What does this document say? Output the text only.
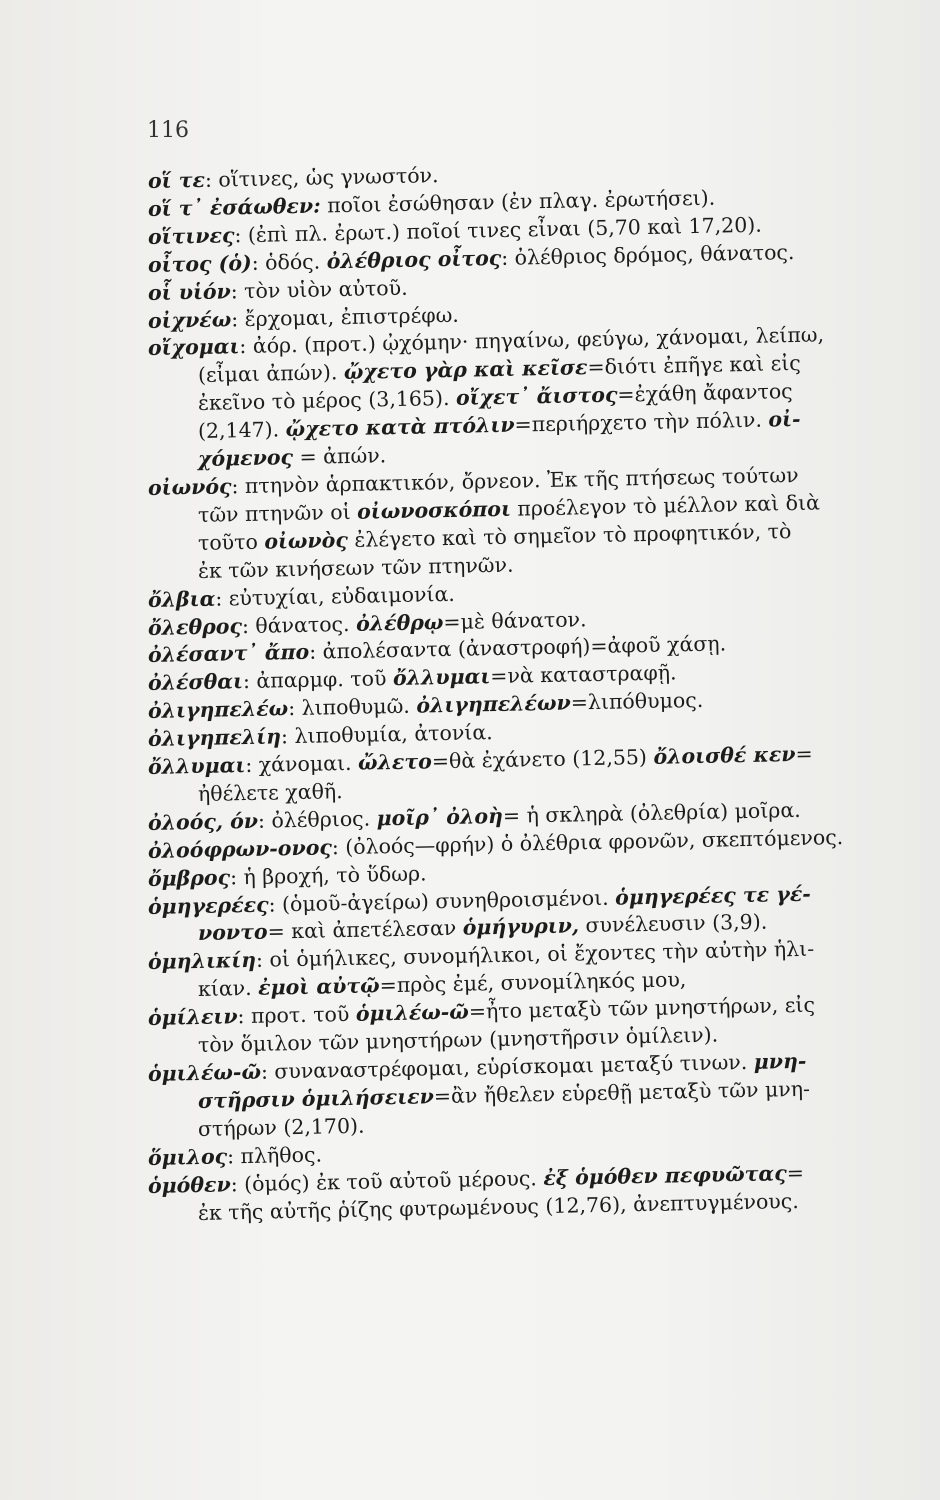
116
οἵ τε: οἵτινες, ὡς γνωστόν.
οἵ τ᾽ ἐσάωθεν: ποῖοι ἐσώθησαν (ἐν πλαγ. ἐρωτήσει).
οἵτινες: (ἐπὶ πλ. ἐρωτ.) ποῖοί τινες εἶναι (5,70 καὶ 17,20).
οἶτος (ὁ): ὁδός. ὀλέθριος οἶτος: ὀλέθριος δρόμος, θάνατος.
οἷ υἱόν: τὸν υἱὸν αὐτοῦ.
οἰχνέω: ἔρχομαι, ἐπιστρέφω.
οἴχομαι: ἀόρ. (προτ.) ᾠχόμην· πηγαίνω, φεύγω, χάνομαι, λείπω,
(εἶμαι ἀπών). ᾤχετο γὰρ καὶ κεῖσε=διότι ἐπῆγε καὶ εἰς
ἐκεῖνο τὸ μέρος (3,165). οἴχετ᾽ ἄιστος=ἐχάθη ἄφαντος
(2,147). ᾤχετο κατὰ πτόλιν=περιήρχετο τὴν πόλιν. οἰ-
χόμενος = ἀπών.
οἰωνός: πτηνὸν ἁρπακτικόν, ὄρνεον. Ἐκ τῆς πτήσεως τούτων
τῶν πτηνῶν οἱ οἰωνοσκόποι προέλεγον τὸ μέλλον καὶ διὰ
τοῦτο οἰωνὸς ἐλέγετο καὶ τὸ σημεῖον τὸ προφητικόν, τὸ
ἐκ τῶν κινήσεων τῶν πτηνῶν.
ὄλβια: εὐτυχίαι, εὐδαιμονία.
ὄλεθρος: θάνατος. ὀλέθρῳ=μὲ θάνατον.
ὀλέσαντ᾽ ἄπο: ἀπολέσαντα (ἀναστροφή)=ἀφοῦ χάσῃ.
ὀλέσθαι: ἀπαρμφ. τοῦ ὄλλυμαι=νὰ καταστραφῇ.
ὀλιγηπελέω: λιποθυμῶ. ὀλιγηπελέων=λιπόθυμος.
ὀλιγηπελίη: λιποθυμία, ἀτονία.
ὄλλυμαι: χάνομαι. ὤλετο=θὰ ἐχάνετο (12,55) ὄλοισθέ κεν=
ἠθέλετε χαθῆ.
ὀλοός, όν: ὀλέθριος. μοῖρ᾽ ὀλοὴ= ἡ σκληρὰ (ὀλεθρία) μοῖρα.
ὀλοόφρων-ονος: (ὀλοός—φρήν) ὁ ὀλέθρια φρονῶν, σκεπτόμενος.
ὄμβρος: ἡ βροχή, τὸ ὕδωρ.
ὁμηγερέες: (ὁμοῦ-ἀγείρω) συνηθροισμένοι. ὁμηγερέες τε γέ-
νοντο= καὶ ἀπετέλεσαν ὁμήγυριν, συνέλευσιν (3,9).
ὁμηλικίη: οἱ ὁμήλικες, συνομήλικοι, οἱ ἔχοντες τὴν αὐτὴν ἡλι-
κίαν. ἐμοὶ αὐτῷ=πρὸς ἐμέ, συνομίληκός μου,
ὁμίλειν: προτ. τοῦ ὁμιλέω-ῶ=ἦτο μεταξὺ τῶν μνηστήρων, εἰς
τὸν ὅμιλον τῶν μνηστήρων (μνηστῆρσιν ὁμίλειν).
ὁμιλέω-ῶ: συναναστρέφομαι, εὑρίσκομαι μεταξύ τινων. μνη-
στῆρσιν ὁμιλήσειεν=ἂν ἤθελεν εὑρεθῇ μεταξὺ τῶν μνη-
στήρων (2,170).
ὅμιλος: πλῆθος.
ὁμόθεν: (ὁμός) ἐκ τοῦ αὐτοῦ μέρους. ἐξ ὁμόθεν πεφυῶτας=
ἐκ τῆς αὐτῆς ῥίζης φυτρωμένους (12,76), ἀνεπτυγμένους.
